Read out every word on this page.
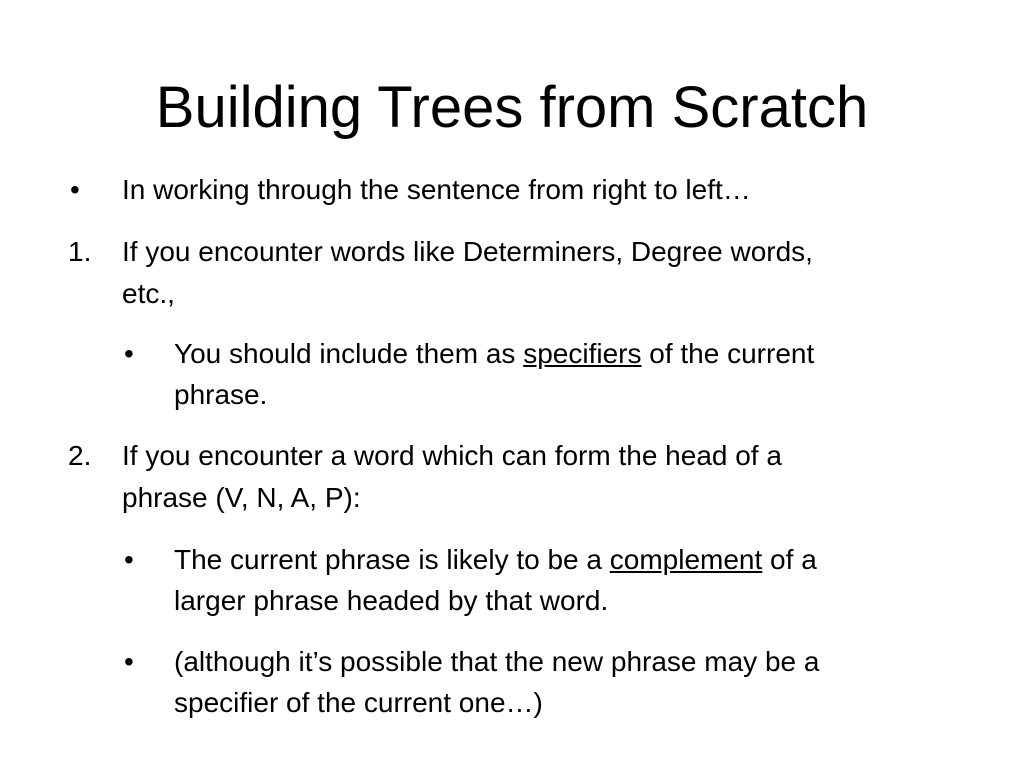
Building Trees from Scratch
• In working through the sentence from right to left…
1. If you encounter words like Determiners, Degree words,
etc.,
• You should include them as specifiers of the current
phrase.
2. If you encounter a word which can form the head of a
phrase (V, N, A, P):
• The current phrase is likely to be a complement of a
larger phrase headed by that word.
• (although it’s possible that the new phrase may be a
specifier of the current one…)
